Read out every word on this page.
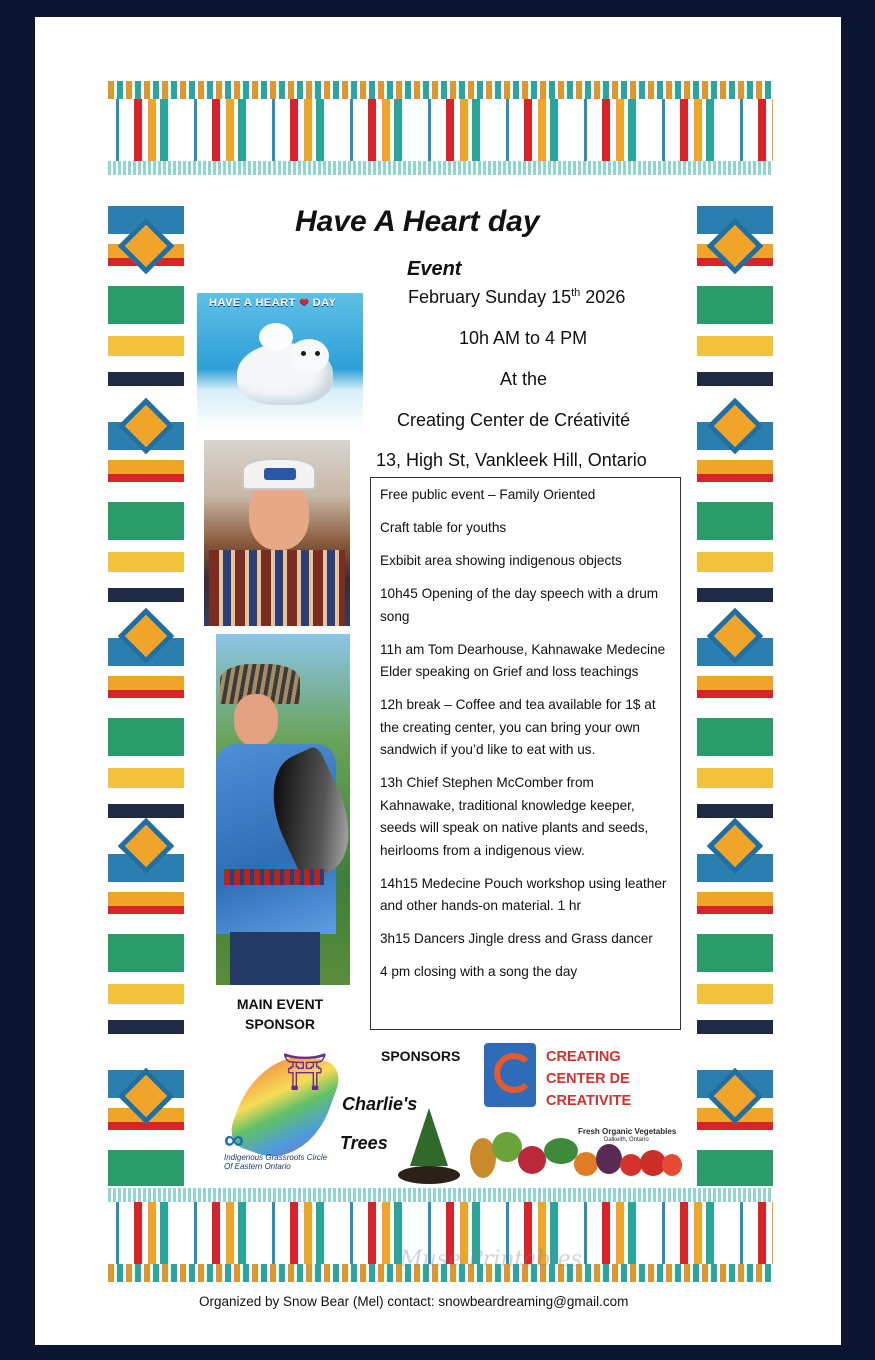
Have A Heart day
Event
February Sunday 15th 2026
10h AM to 4 PM
At the
Creating Center de Créativité
13, High St, Vankleek Hill, Ontario
HAVE A HEART ❤ DAY
MAIN EVENT
SPONSOR
Free public event – Family Oriented
Craft table for youths
Exbibit area showing indigenous objects
10h45 Opening of the day speech with a drum song
11h am Tom Dearhouse, Kahnawake Medecine Elder speaking on Grief and loss teachings
12h break – Coffee and tea available for 1$ at the creating center, you can bring your own sandwich if you’d like to eat with us.
13h Chief Stephen McComber from Kahnawake, traditional knowledge keeper, seeds will speak on native plants and seeds, heirlooms from a indigenous view.
14h15 Medecine Pouch workshop using leather and other hands-on material. 1 hr
3h15 Dancers Jingle dress and Grass dancer
4 pm closing with a song the day
SPONSORS
⛩
∞
Indigenous Grassroots Circle Of Eastern Ontario
Charlie's
Trees
CREATING
CENTER DE
CREATIVITE
Fresh Organic Vegetables
Dalkeith, Ontario
Muse Printables
Organized by Snow Bear (Mel) contact: snowbeardreaming@gmail.com
